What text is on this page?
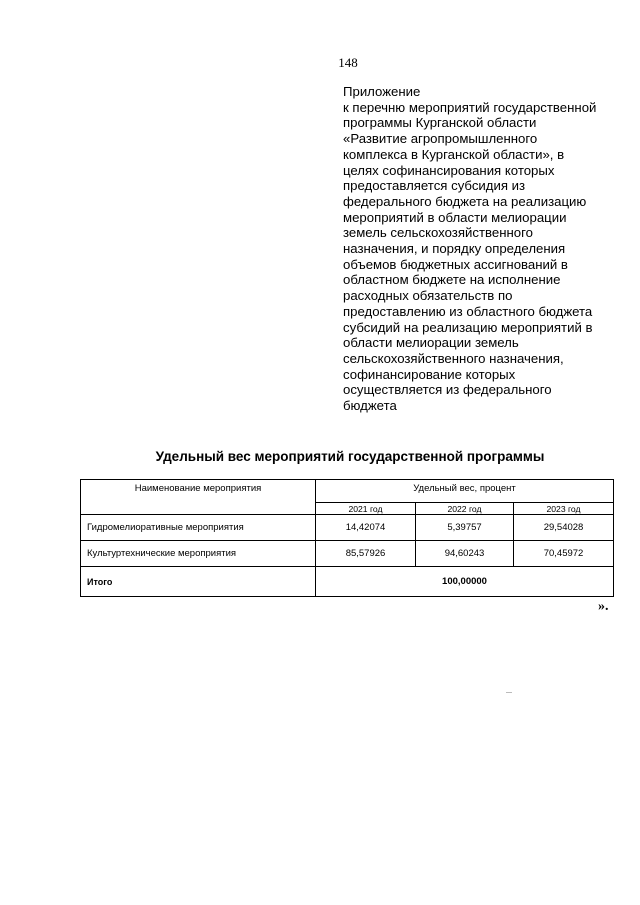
148
Приложение
к перечню мероприятий государственной
программы Курганской области
«Развитие агропромышленного
комплекса в Курганской области», в
целях софинансирования которых
предоставляется субсидия из
федерального бюджета на реализацию
мероприятий в области мелиорации
земель сельскохозяйственного
назначения, и порядку определения
объемов бюджетных ассигнований в
областном бюджете на исполнение
расходных обязательств по
предоставлению из областного бюджета
субсидий на реализацию мероприятий в
области мелиорации земель
сельскохозяйственного назначения,
софинансирование которых
осуществляется из федерального
бюджета
Удельный вес мероприятий государственной программы
Наименование мероприятия	Удельный вес, процент		
	2021 год	2022 год	2023 год
Гидромелиоративные мероприятия	14,42074	5,39757	29,54028
Культуртехнические мероприятия	85,57926	94,60243	70,45972
Итого	100,00000		
».
